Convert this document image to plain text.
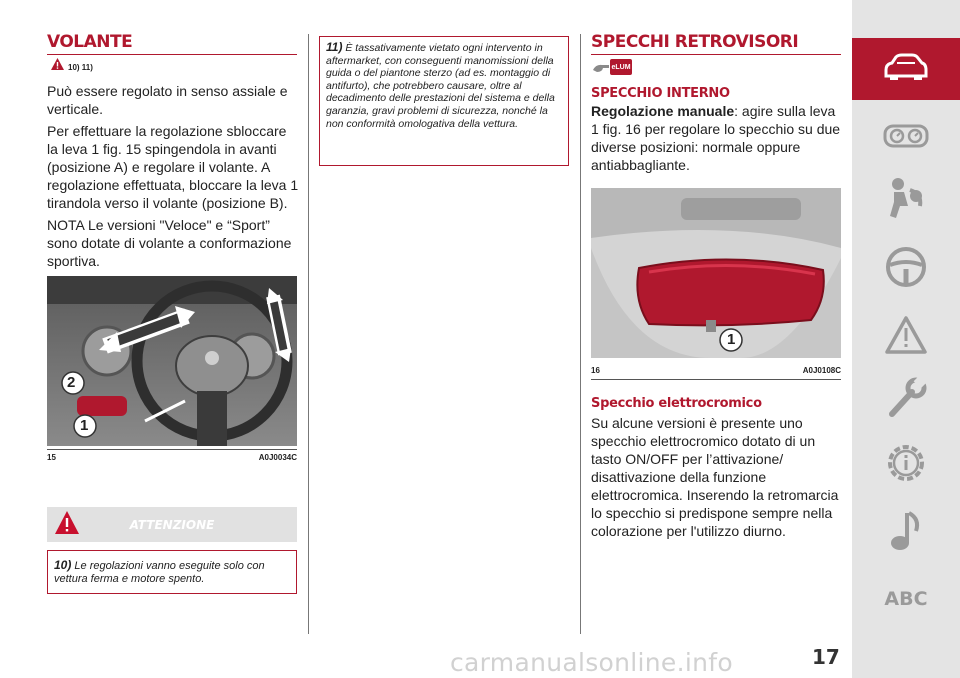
VOLANTE
10) 11)

Può essere regolato in senso assiale e verticale.

Per effettuare la regolazione sbloccare la leva 1 fig. 15 spingendola in avanti (posizione A) e regolare il volante. A regolazione effettuata, bloccare la leva 1 tirandola verso il volante (posizione B).

NOTA Le versioni "Veloce" e “Sport” sono dotate di volante a conformazione sportiva.

2
1
15	A0J0034C
ATTENZIONE
10) Le regolazioni vanno eseguite solo con vettura ferma e motore spento.
11) È tassativamente vietato ogni intervento in aftermarket, con conseguenti manomissioni della guida o del piantone sterzo (ad es. montaggio di antifurto), che potrebbero causare, oltre al decadimento delle prestazioni del sistema e della garanzia, gravi problemi di sicurezza, nonché la non conformità omologativa della vettura.
SPECCHI RETROVISORI
eLUM
SPECCHIO INTERNO

Regolazione manuale: agire sulla leva 1 fig. 16 per regolare lo specchio su due diverse posizioni: normale oppure antiabbagliante.

1
16	A0J0108C
Specchio elettrocromico

Su alcune versioni è presente uno specchio elettrocromico dotato di un tasto ON/OFF per l’attivazione/ disattivazione della funzione elettrocromica. Inserendo la retromarcia lo specchio si predispone sempre nella colorazione per l'utilizzo diurno.

ABC
carmanualsonline.info	17
